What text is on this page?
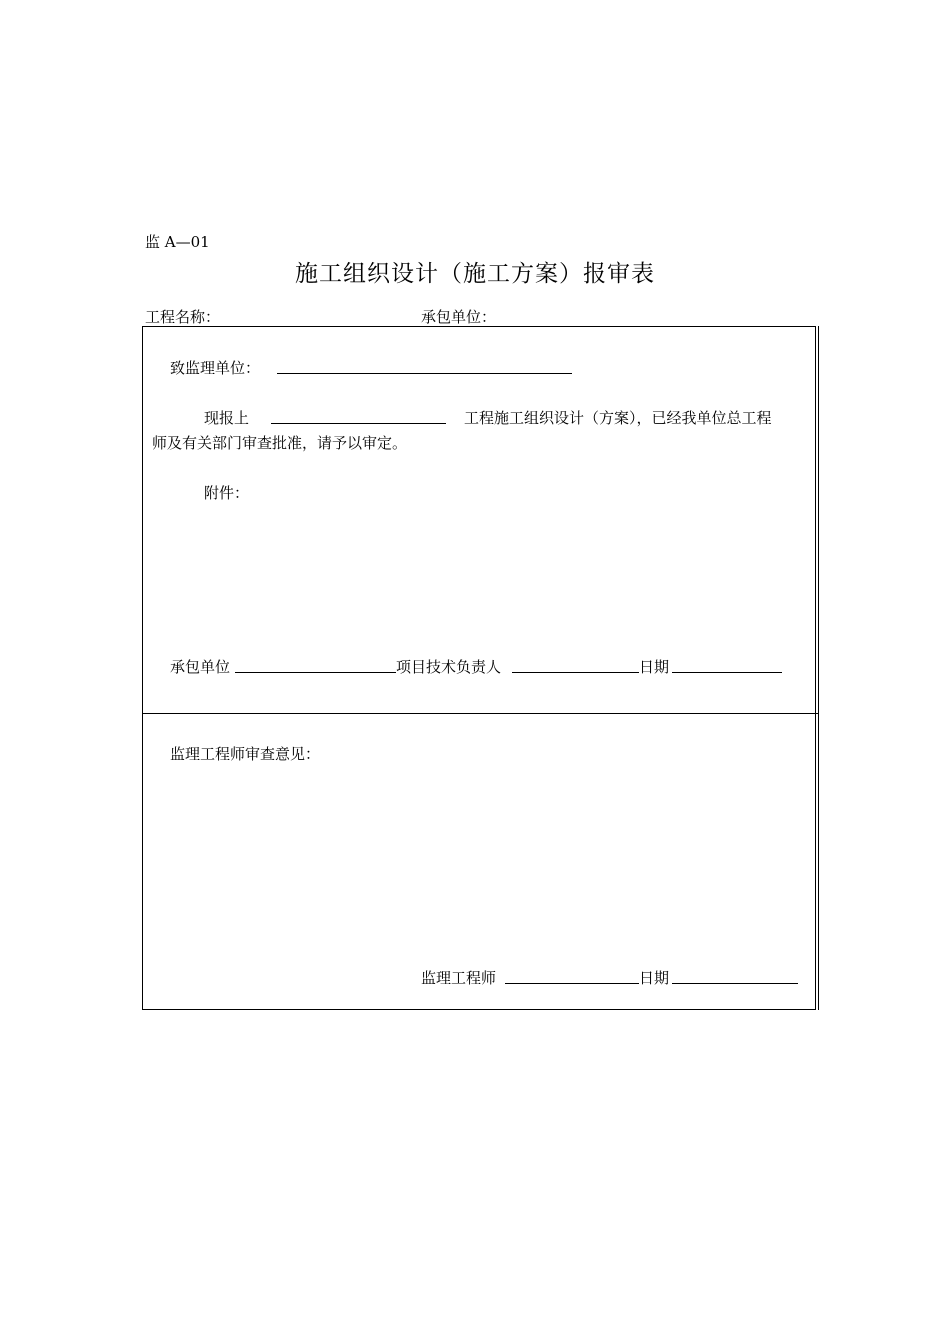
监 A—01
施工组织设计（施工方案）报审表
工程名称：	承包单位：
致监理单位：
现报上	工程施工组织设计（方案），已经我单位总工程
师及有关部门审查批准，请予以审定。
附件：
承包单位	项目技术负责人	日期
监理工程师审查意见：
监理工程师	日期
